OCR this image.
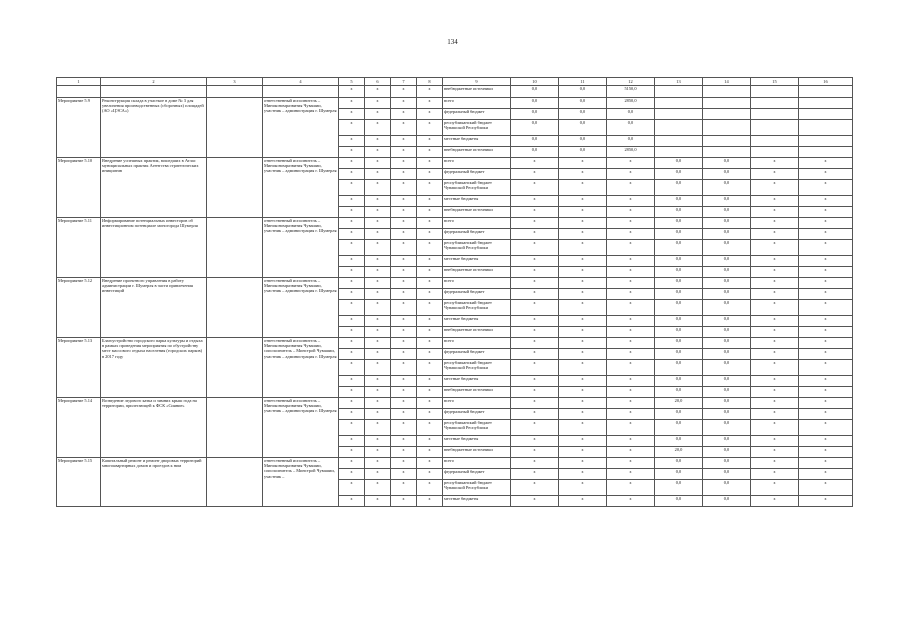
134
1	2	3	4	5	6	7	8	9	10	11	12	13	14	15	16
				x	x	x	x	внебюджетные источники	0,0	0,0	5150,0				
Мероприятие 5.9	Реконструкция склада в участкое в доме № 3 для увеличения производственных (сборочных) площадей (АО «ЦЭСА»)		ответственный исполнитель – Минэкономразвития Чувашии, участник – администрация г. Шумерля	x	x	x	x	всего	0,0	0,0	2850,0				
				x	x	x	x	федеральный бюджет	0,0	0,0	0,0				
				x	x	x	x	республиканский бюджет Чувашской Республики	0,0	0,0	0,0				
				x	x	x	x	местные бюджеты	0,0	0,0	0,0				
				x	x	x	x	внебюджетные источники	0,0	0,0	2850,0				
Мероприятие 5.10	Внедрение успешных практик, вошедших в Атлас муниципальных практик Агентства стратегических инициатив		ответственный исполнитель – Минэкономразвития Чувашии, участник – администрация г. Шумерля	x	x	x	x	всего	x	x	x	0,0	0,0	x	x
				x	x	x	x	федеральный бюджет	x	x	x	0,0	0,0	x	x
				x	x	x	x	республиканский бюджет Чувашской Республики	x	x	x	0,0	0,0	x	x
				x	x	x	x	местные бюджеты	x	x	x	0,0	0,0	x	x
				x	x	x	x	внебюджетные источники	x	x	x	0,0	0,0	x	x
Мероприятие 5.11	Информирование потенциальных инвесторов об инвестиционном потенциале моногорода Шумерля		ответственный исполнитель – Минэкономразвития Чувашии, участник – администрация г. Шумерля	x	x	x	x	всего	x	x	x	0,0	0,0	x	x
				x	x	x	x	федеральный бюджет	x	x	x	0,0	0,0	x	x
				x	x	x	x	республиканский бюджет Чувашской Республики	x	x	x	0,0	0,0	x	x
				x	x	x	x	местные бюджеты	x	x	x	0,0	0,0	x	x
				x	x	x	x	внебюджетные источники	x	x	x	0,0	0,0	x	x
Мероприятие 5.12	Внедрение проектного управления в работу администрации г. Шумерля в части привлечения инвестиций		ответственный исполнитель – Минэкономразвития Чувашии, участник – администрация г. Шумерля	x	x	x	x	всего	x	x	x	0,0	0,0	x	x
				x	x	x	x	федеральный бюджет	x	x	x	0,0	0,0	x	x
				x	x	x	x	республиканский бюджет Чувашской Республики	x	x	x	0,0	0,0	x	x
				x	x	x	x	местные бюджеты	x	x	x	0,0	0,0	x	x
				x	x	x	x	внебюджетные источники	x	x	x	0,0	0,0	x	x
Мероприятие 5.13	Благоустройство городского парка культуры и отдыха в рамках проведения мероприятия по обустройству мест массового отдыха населения (городских парков) в 2017 году		ответственный исполнитель – Минэкономразвития Чувашии, соисполнитель – Минстрой Чувашии, участник – администрация г. Шумерля	x	x	x	x	всего	x	x	x	0,0	0,0	x	x
				x	x	x	x	федеральный бюджет	x	x	x	0,0	0,0	x	x
				x	x	x	x	республиканский бюджет Чувашской Республики	x	x	x	0,0	0,0	x	x
				x	x	x	x	местные бюджеты	x	x	x	0,0	0,0	x	x
				x	x	x	x	внебюджетные источники	x	x	x	0,0	0,0	x	x
Мероприятие 5.14	Возведение ледового катка и зимних крыш года на территории, прилегающей к ФСК «Сияние»		ответственный исполнитель – Минэкономразвития Чувашии, участник – администрация г. Шумерля	x	x	x	x	всего	x	x	x	20,0	0,0	x	x
				x	x	x	x	федеральный бюджет	x	x	x	0,0	0,0	x	x
				x	x	x	x	республиканский бюджет Чувашской Республики	x	x	x	0,0	0,0	x	x
				x	x	x	x	местные бюджеты	x	x	x	0,0	0,0	x	x
				x	x	x	x	внебюджетные источники	x	x	x	20,0	0,0	x	x
Мероприятие 5.15	Капитальный ремонт и ремонт дворовых территорий многоквартирных домов и проездов к ним		ответственный исполнитель – Минэкономразвития Чувашии, соисполнитель – Минстрой Чувашии, участник –	x	x	x	x	всего	x	x	x	0,0	0,0	x	x
				x	x	x	x	федеральный бюджет	x	x	x	0,0	0,0	x	x
				x	x	x	x	республиканский бюджет Чувашской Республики	x	x	x	0,0	0,0	x	x
				x	x	x	x	местные бюджеты	x	x	x	0,0	0,0	x	x
